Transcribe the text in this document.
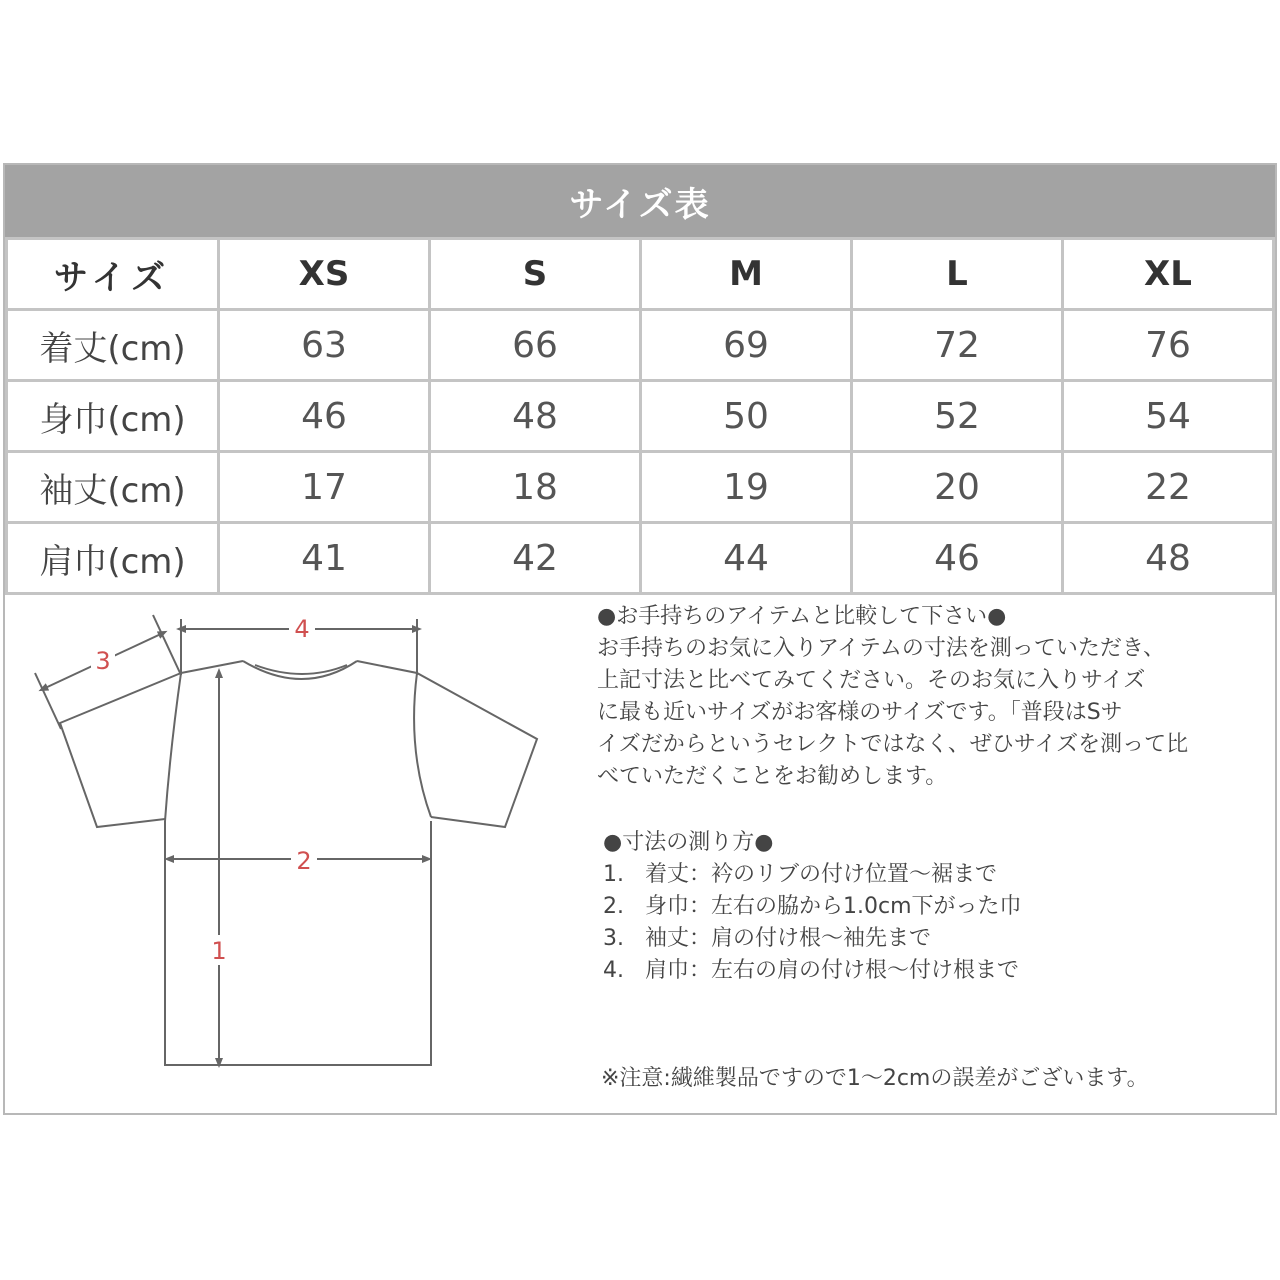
サイズ表
サイズ	XS	S	M	L	XL
着丈(cm)	63	66	69	72	76
身巾(cm)	46	48	50	52	54
袖丈(cm)	17	18	19	20	22
肩巾(cm)	41	42	44	46	48
4
3
2
1

●お手持ちのアイテムと比較して下さい●

お手持ちのお気に入りアイテムの寸法を測っていただき、

上記寸法と比べてみてください。そのお気に入りサイズ

に最も近いサイズがお客様のサイズです。「普段はSサ

イズだからというセレクトではなく、ぜひサイズを測って比

べていただくことをお勧めします。

●寸法の測り方●

1. 着丈：衿のリブの付け位置～裾まで
2. 身巾：左右の脇から1.0cm下がった巾
3. 袖丈：肩の付け根～袖先まで
4. 肩巾：左右の肩の付け根～付け根まで

※注意:繊維製品ですので1～2cmの誤差がございます。
